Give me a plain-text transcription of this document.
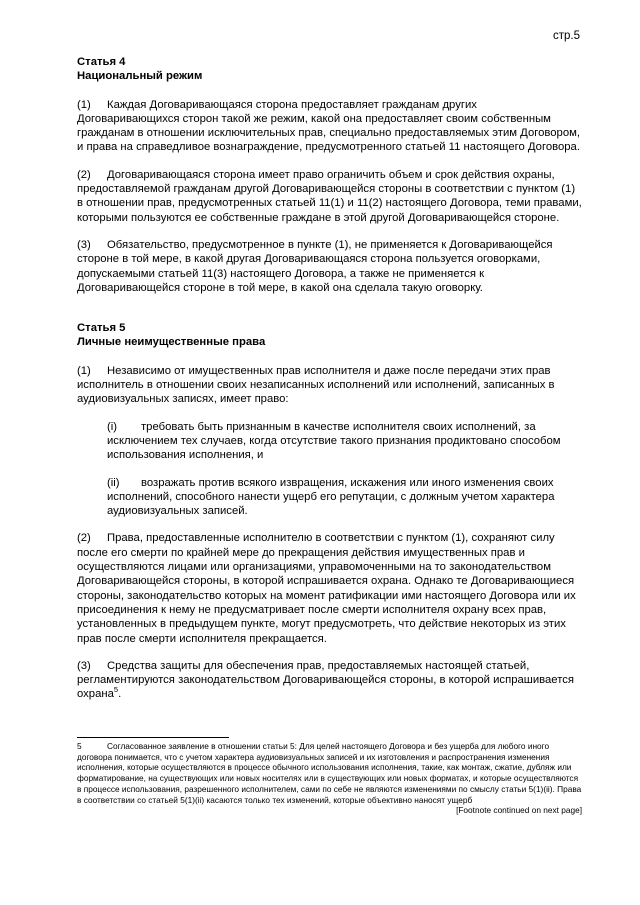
стр.5
Статья 4
Национальный режим

(1) Каждая Договаривающаяся сторона предоставляет гражданам других Договаривающихся сторон такой же режим, какой она предоставляет своим собственным гражданам в отношении исключительных прав, специально предоставляемых этим Договором, и права на справедливое вознаграждение, предусмотренного статьей 11 настоящего Договора.

(2) Договаривающаяся сторона имеет право ограничить объем и срок действия охраны, предоставляемой гражданам другой Договаривающейся стороны в соответствии с пунктом (1) в отношении прав, предусмотренных статьей 11(1) и 11(2) настоящего Договора, теми правами, которыми пользуются ее собственные граждане в этой другой Договаривающейся стороне.

(3) Обязательство, предусмотренное в пункте (1), не применяется к Договаривающейся стороне в той мере, в какой другая Договаривающаяся сторона пользуется оговорками, допускаемыми статьей 11(3) настоящего Договора, а также не применяется к Договаривающейся стороне в той мере, в какой она сделала такую оговорку.

Статья 5
Личные неимущественные права

(1) Независимо от имущественных прав исполнителя и даже после передачи этих прав исполнитель в отношении своих незаписанных исполнений или исполнений, записанных в аудиовизуальных записях, имеет право:

(i) требовать быть признанным в качестве исполнителя своих исполнений, за исключением тех случаев, когда отсутствие такого признания продиктовано способом использования исполнения, и

(ii) возражать против всякого извращения, искажения или иного изменения своих исполнений, способного нанести ущерб его репутации, с должным учетом характера аудиовизуальных записей.

(2) Права, предоставленные исполнителю в соответствии с пунктом (1), сохраняют силу после его смерти по крайней мере до прекращения действия имущественных прав и осуществляются лицами или организациями, управомоченными на то законодательством Договаривающейся стороны, в которой испрашивается охрана. Однако те Договаривающиеся стороны, законодательство которых на момент ратификации ими настоящего Договора или их присоединения к нему не предусматривает после смерти исполнителя охрану всех прав, установленных в предыдущем пункте, могут предусмотреть, что действие некоторых из этих прав после смерти исполнителя прекращается.

(3) Средства защиты для обеспечения прав, предоставляемых настоящей статьей, регламентируются законодательством Договаривающейся стороны, в которой испрашивается охрана$^5$.

5	Согласованное заявление в отношении статьи 5: Для целей настоящего Договора и без ущерба для любого иного договора понимается, что с учетом характера аудиовизуальных записей и их изготовления и распространения изменения исполнения, которые осуществляются в процессе обычного использования исполнения, такие, как монтаж, сжатие, дубляж или форматирование, на существующих или новых носителях или в существующих или новых форматах, и которые осуществляются в процессе использования, разрешенного исполнителем, сами по себе не являются изменениями по смыслу статьи 5(1)(ii). Права в соответствии со статьей 5(1)(ii) касаются только тех изменений, которые объективно наносят ущерб
[Footnote continued on next page]
